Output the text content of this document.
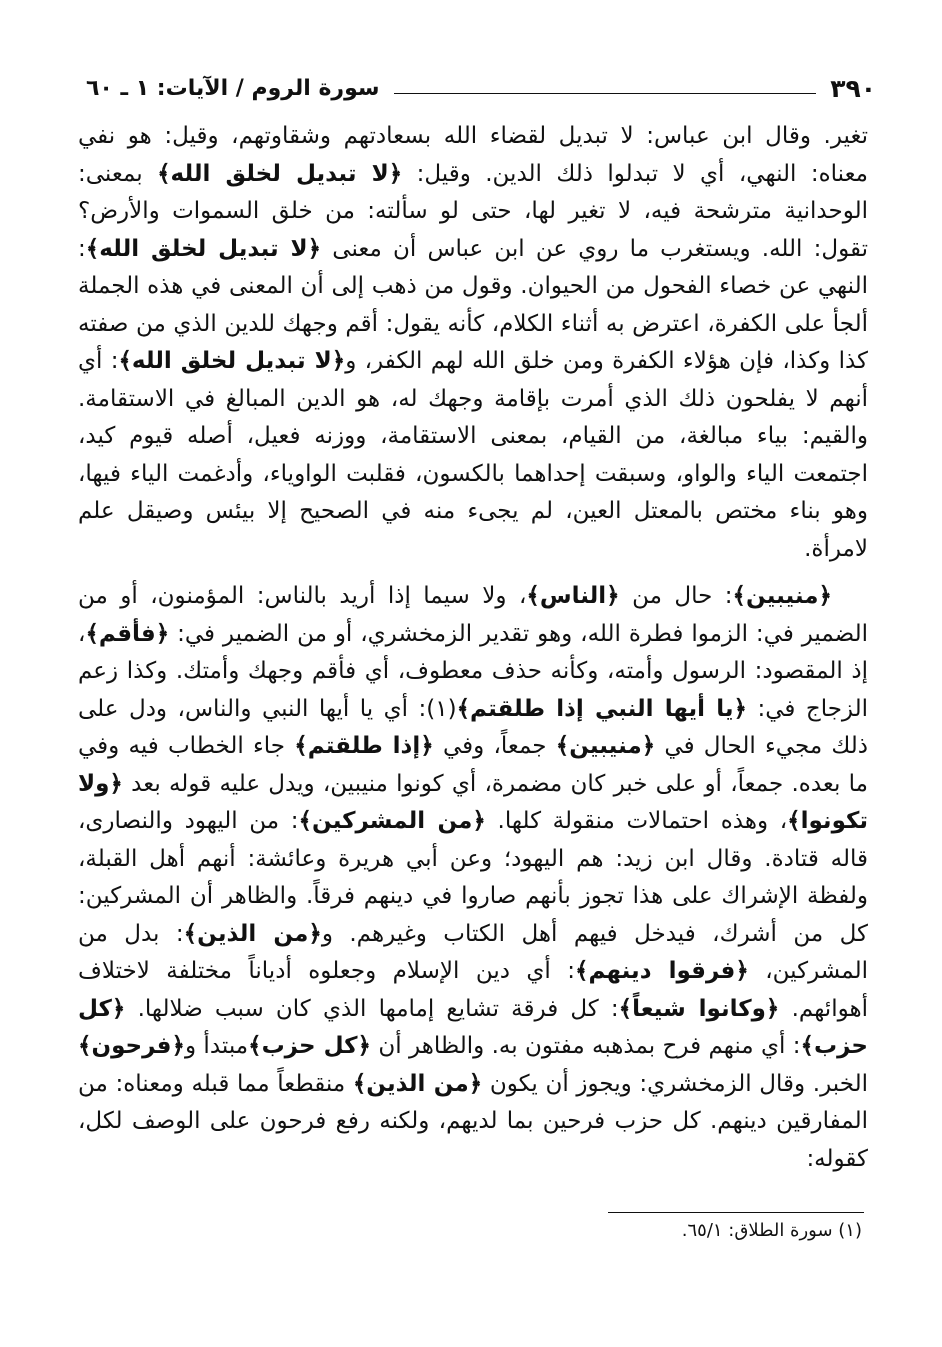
٣٩٠
سورة الروم / الآيات: ١ ـ ٦٠

تغير. وقال ابن عباس: لا تبديل لقضاء الله بسعادتهم وشقاوتهم، وقيل: هو نفي معناه: النهي، أي لا تبدلوا ذلك الدين. وقيل: ﴿لا تبديل لخلق الله﴾ بمعنى: الوحدانية مترشحة فيه، لا تغير لها، حتى لو سألته: من خلق السموات والأرض؟ تقول: الله. ويستغرب ما روي عن ابن عباس أن معنى ﴿لا تبديل لخلق الله﴾: النهي عن خصاء الفحول من الحيوان. وقول من ذهب إلى أن المعنى في هذه الجملة ألجأ على الكفرة، اعترض به أثناء الكلام، كأنه يقول: أقم وجهك للدين الذي من صفته كذا وكذا، فإن هؤلاء الكفرة ومن خلق الله لهم الكفر، و﴿لا تبديل لخلق الله﴾: أي أنهم لا يفلحون ذلك الذي أمرت بإقامة وجهك له، هو الدين المبالغ في الاستقامة. والقيم: بياء مبالغة، من القيام، بمعنى الاستقامة، ووزنه فعيل، أصله قيوم كيد، اجتمعت الياء والواو، وسبقت إحداهما بالكسون، فقلبت الواوياء، وأدغمت الياء فيها، وهو بناء مختص بالمعتل العين، لم يجىء منه في الصحيح إلا بيئس وصيقل علم لامرأة.

﴿منيبين﴾: حال من ﴿الناس﴾، ولا سيما إذا أريد بالناس: المؤمنون، أو من الضمير في: الزموا فطرة الله، وهو تقدير الزمخشري، أو من الضمير في: ﴿فأقم﴾، إذ المقصود: الرسول وأمته، وكأنه حذف معطوف، أي فأقم وجهك وأمتك. وكذا زعم الزجاج في: ﴿يا أيها النبي إذا طلقتم﴾(١): أي يا أيها النبي والناس، ودل على ذلك مجيء الحال في ﴿منيبين﴾ جمعاً، وفي ﴿إذا طلقتم﴾ جاء الخطاب فيه وفي ما بعده. جمعاً، أو على خبر كان مضمرة، أي كونوا منيبين، ويدل عليه قوله بعد ﴿ولا تكونوا﴾، وهذه احتمالات منقولة كلها. ﴿من المشركين﴾: من اليهود والنصارى، قاله قتادة. وقال ابن زيد: هم اليهود؛ وعن أبي هريرة وعائشة: أنهم أهل القبلة، ولفظة الإشراك على هذا تجوز بأنهم صاروا في دينهم فرقاً. والظاهر أن المشركين: كل من أشرك، فيدخل فيهم أهل الكتاب وغيرهم. و﴿من الذين﴾: بدل من المشركين، ﴿فرقوا دينهم﴾: أي دين الإسلام وجعلوه أدياناً مختلفة لاختلاف أهوائهم. ﴿وكانوا شيعاً﴾: كل فرقة تشايع إمامها الذي كان سبب ضلالها. ﴿كل حزب﴾: أي منهم فرح بمذهبه مفتون به. والظاهر أن ﴿كل حزب﴾مبتدأ و﴿فرحون﴾ الخبر. وقال الزمخشري: ويجوز أن يكون ﴿من الذين﴾ منقطعاً مما قبله ومعناه: من المفارقين دينهم. كل حزب فرحين بما لديهم، ولكنه رفع فرحون على الوصف لكل، كقوله:

(١) سورة الطلاق: ٦٥/١.
